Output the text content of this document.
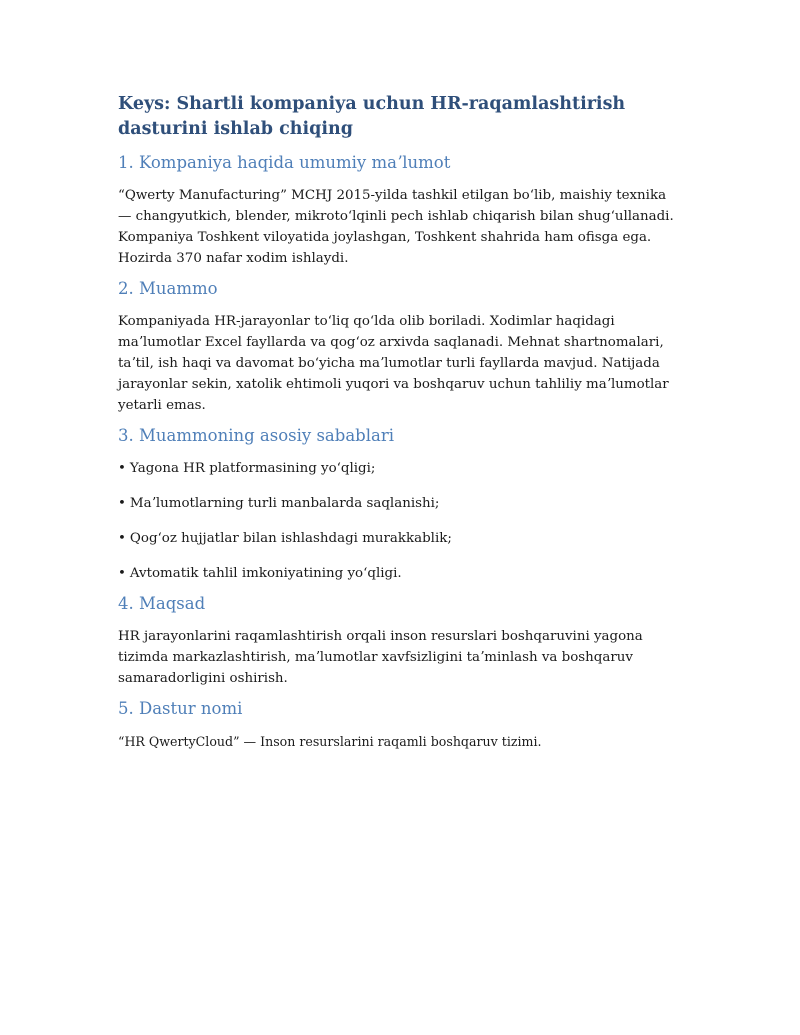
Keys: Shartli kompaniya uchun HR-raqamlashtirish dasturini ishlab chiqing
1. Kompaniya haqida umumiy maʼlumot

“Qwerty Manufacturing” MCHJ 2015-yilda tashkil etilgan boʻlib, maishiy texnika — changyutkich, blender, mikrotoʻlqinli pech ishlab chiqarish bilan shugʻullanadi. Kompaniya Toshkent viloyatida joylashgan, Toshkent shahrida ham ofisga ega. Hozirda 370 nafar xodim ishlaydi.

2. Muammo

Kompaniyada HR-jarayonlar toʻliq qoʻlda olib boriladi. Xodimlar haqidagi maʼlumotlar Excel fayllarda va qogʻoz arxivda saqlanadi. Mehnat shartnomalari, taʼtil, ish haqi va davomat boʻyicha maʼlumotlar turli fayllarda mavjud. Natijada jarayonlar sekin, xatolik ehtimoli yuqori va boshqaruv uchun tahliliy maʼlumotlar yetarli emas.

3. Muammoning asosiy sabablari
• Yagona HR platformasining yoʻqligi;
• Maʼlumotlarning turli manbalarda saqlanishi;
• Qogʻoz hujjatlar bilan ishlashdagi murakkablik;
• Avtomatik tahlil imkoniyatining yoʻqligi.
4. Maqsad

HR jarayonlarini raqamlashtirish orqali inson resurslari boshqaruvini yagona tizimda markazlashtirish, maʼlumotlar xavfsizligini taʼminlash va boshqaruv samaradorligini oshirish.

5. Dastur nomi

“HR QwertyCloud” — Inson resurslarini raqamli boshqaruv tizimi.
